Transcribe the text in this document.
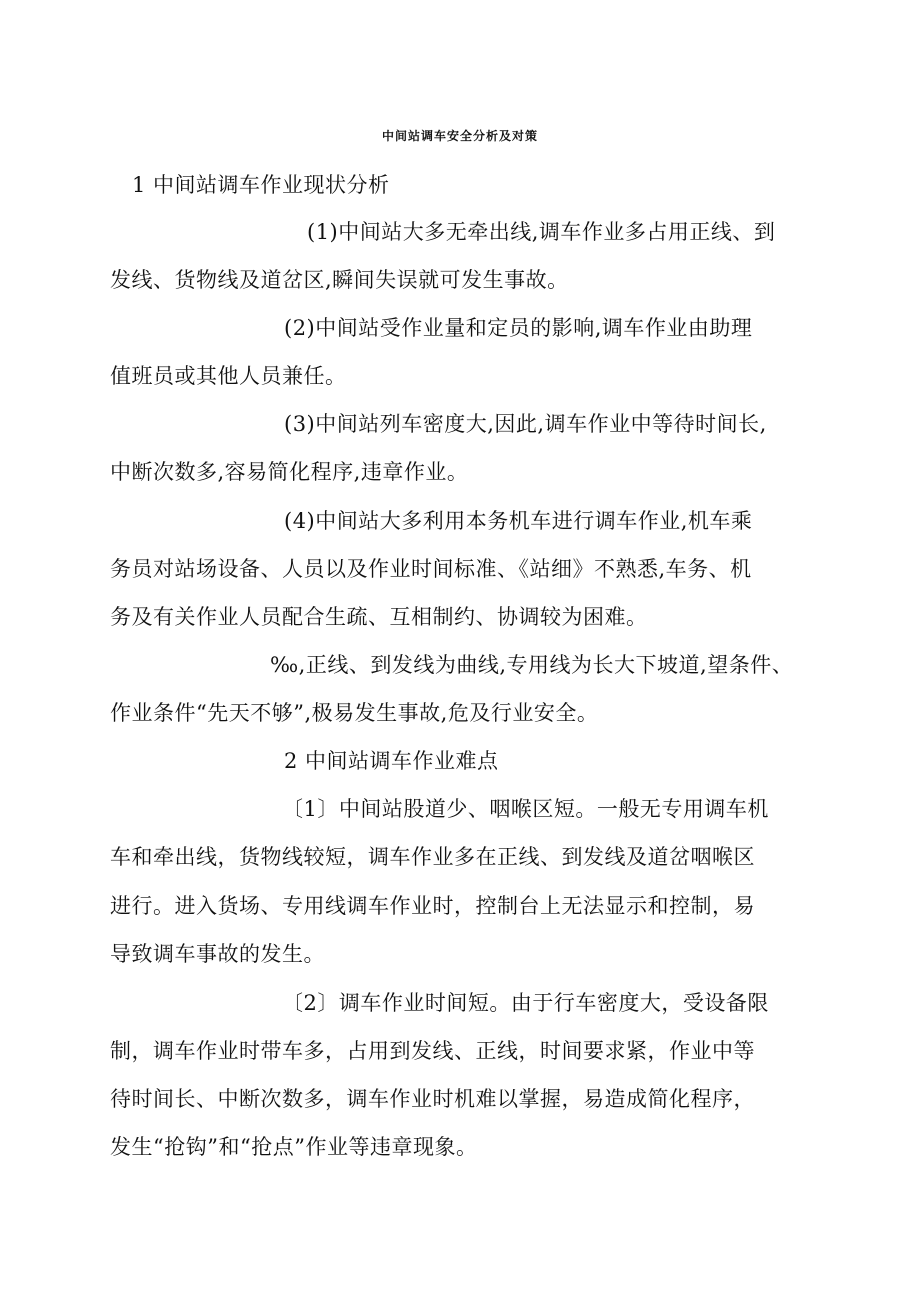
中间站调车安全分析及对策
1 中间站调车作业现状分析
(1)中间站大多无牵出线,调车作业多占用正线、到
发线、货物线及道岔区,瞬间失误就可发生事故。
(2)中间站受作业量和定员的影响,调车作业由助理
值班员或其他人员兼任。
(3)中间站列车密度大,因此,调车作业中等待时间长,
中断次数多,容易简化程序,违章作业。
(4)中间站大多利用本务机车进行调车作业,机车乘
务员对站场设备、人员以及作业时间标准、《站细》不熟悉,车务、机
务及有关作业人员配合生疏、互相制约、协调较为困难。
‰,正线、到发线为曲线,专用线为长大下坡道,望条件、
作业条件“先天不够”,极易发生事故,危及行业安全。
2 中间站调车作业难点
〔1〕中间站股道少、咽喉区短。一般无专用调车机
车和牵出线，货物线较短，调车作业多在正线、到发线及道岔咽喉区
进行。进入货场、专用线调车作业时，控制台上无法显示和控制，易
导致调车事故的发生。
〔2〕调车作业时间短。由于行车密度大，受设备限
制，调车作业时带车多，占用到发线、正线，时间要求紧，作业中等
待时间长、中断次数多，调车作业时机难以掌握，易造成简化程序，
发生“抢钩”和“抢点”作业等违章现象。
